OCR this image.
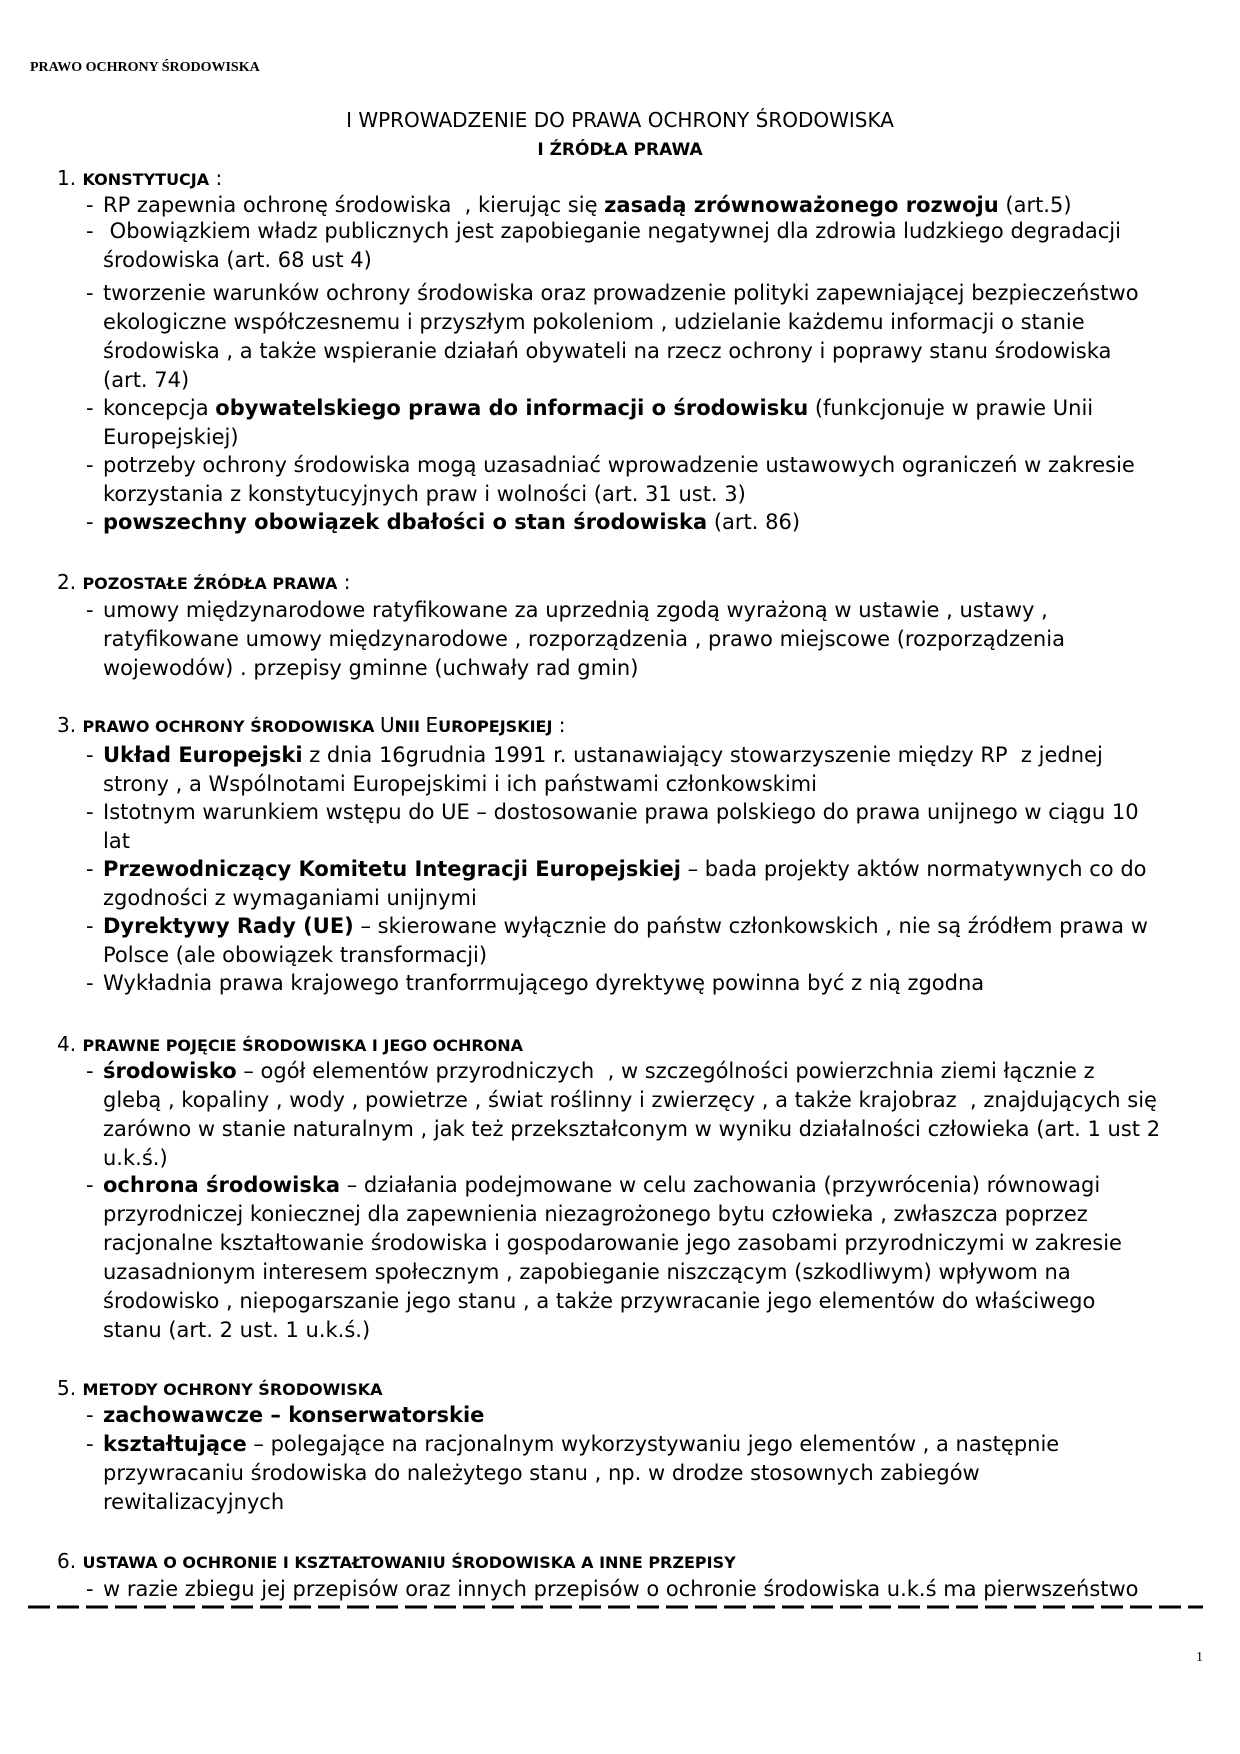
PRAWO OCHRONY ŚRODOWISKA
I WPROWADZENIE DO PRAWA OCHRONY ŚRODOWISKA
I ŹRÓDŁA PRAWA
1. KONSTYTUCJA :
- RP zapewnia ochronę środowiska  , kierując się zasadą zrównoważonego rozwoju (art.5)
- Obowiązkiem władz publicznych jest zapobieganie negatywnej dla zdrowia ludzkiego degradacji
środowiska (art. 68 ust 4)
- tworzenie warunków ochrony środowiska oraz prowadzenie polityki zapewniającej bezpieczeństwo
ekologiczne współczesnemu i przyszłym pokoleniom , udzielanie każdemu informacji o stanie
środowiska , a także wspieranie działań obywateli na rzecz ochrony i poprawy stanu środowiska
(art. 74)
- koncepcja obywatelskiego prawa do informacji o środowisku (funkcjonuje w prawie Unii
Europejskiej)
- potrzeby ochrony środowiska mogą uzasadniać wprowadzenie ustawowych ograniczeń w zakresie
korzystania z konstytucyjnych praw i wolności (art. 31 ust. 3)
- powszechny obowiązek dbałości o stan środowiska (art. 86)
2. POZOSTAŁE ŹRÓDŁA PRAWA :
- umowy międzynarodowe ratyfikowane za uprzednią zgodą wyrażoną w ustawie , ustawy ,
ratyfikowane umowy międzynarodowe , rozporządzenia , prawo miejscowe (rozporządzenia
wojewodów) . przepisy gminne (uchwały rad gmin)
3. PRAWO OCHRONY ŚRODOWISKA UNII EUROPEJSKIEJ :
- Układ Europejski z dnia 16grudnia 1991 r. ustanawiający stowarzyszenie między RP  z jednej
strony , a Wspólnotami Europejskimi i ich państwami członkowskimi
- Istotnym warunkiem wstępu do UE – dostosowanie prawa polskiego do prawa unijnego w ciągu 10
lat
- Przewodniczący Komitetu Integracji Europejskiej – bada projekty aktów normatywnych co do
zgodności z wymaganiami unijnymi
- Dyrektywy Rady (UE) – skierowane wyłącznie do państw członkowskich , nie są źródłem prawa w
Polsce (ale obowiązek transformacji)
- Wykładnia prawa krajowego tranforrmującego dyrektywę powinna być z nią zgodna
4. PRAWNE POJĘCIE ŚRODOWISKA I JEGO OCHRONA
- środowisko – ogół elementów przyrodniczych  , w szczególności powierzchnia ziemi łącznie z
glebą , kopaliny , wody , powietrze , świat roślinny i zwierzęcy , a także krajobraz  , znajdujących się
zarówno w stanie naturalnym , jak też przekształconym w wyniku działalności człowieka (art. 1 ust 2
u.k.ś.)
- ochrona środowiska – działania podejmowane w celu zachowania (przywrócenia) równowagi
przyrodniczej koniecznej dla zapewnienia niezagrożonego bytu człowieka , zwłaszcza poprzez
racjonalne kształtowanie środowiska i gospodarowanie jego zasobami przyrodniczymi w zakresie
uzasadnionym interesem społecznym , zapobieganie niszczącym (szkodliwym) wpływom na
środowisko , niepogarszanie jego stanu , a także przywracanie jego elementów do właściwego
stanu (art. 2 ust. 1 u.k.ś.)
5. METODY OCHRONY ŚRODOWISKA
- zachowawcze – konserwatorskie
- kształtujące – polegające na racjonalnym wykorzystywaniu jego elementów , a następnie
przywracaniu środowiska do należytego stanu , np. w drodze stosownych zabiegów
rewitalizacyjnych
6. USTAWA O OCHRONIE I KSZTAŁTOWANIU ŚRODOWISKA A INNE PRZEPISY
- w razie zbiegu jej przepisów oraz innych przepisów o ochronie środowiska u.k.ś ma pierwszeństwo
1
